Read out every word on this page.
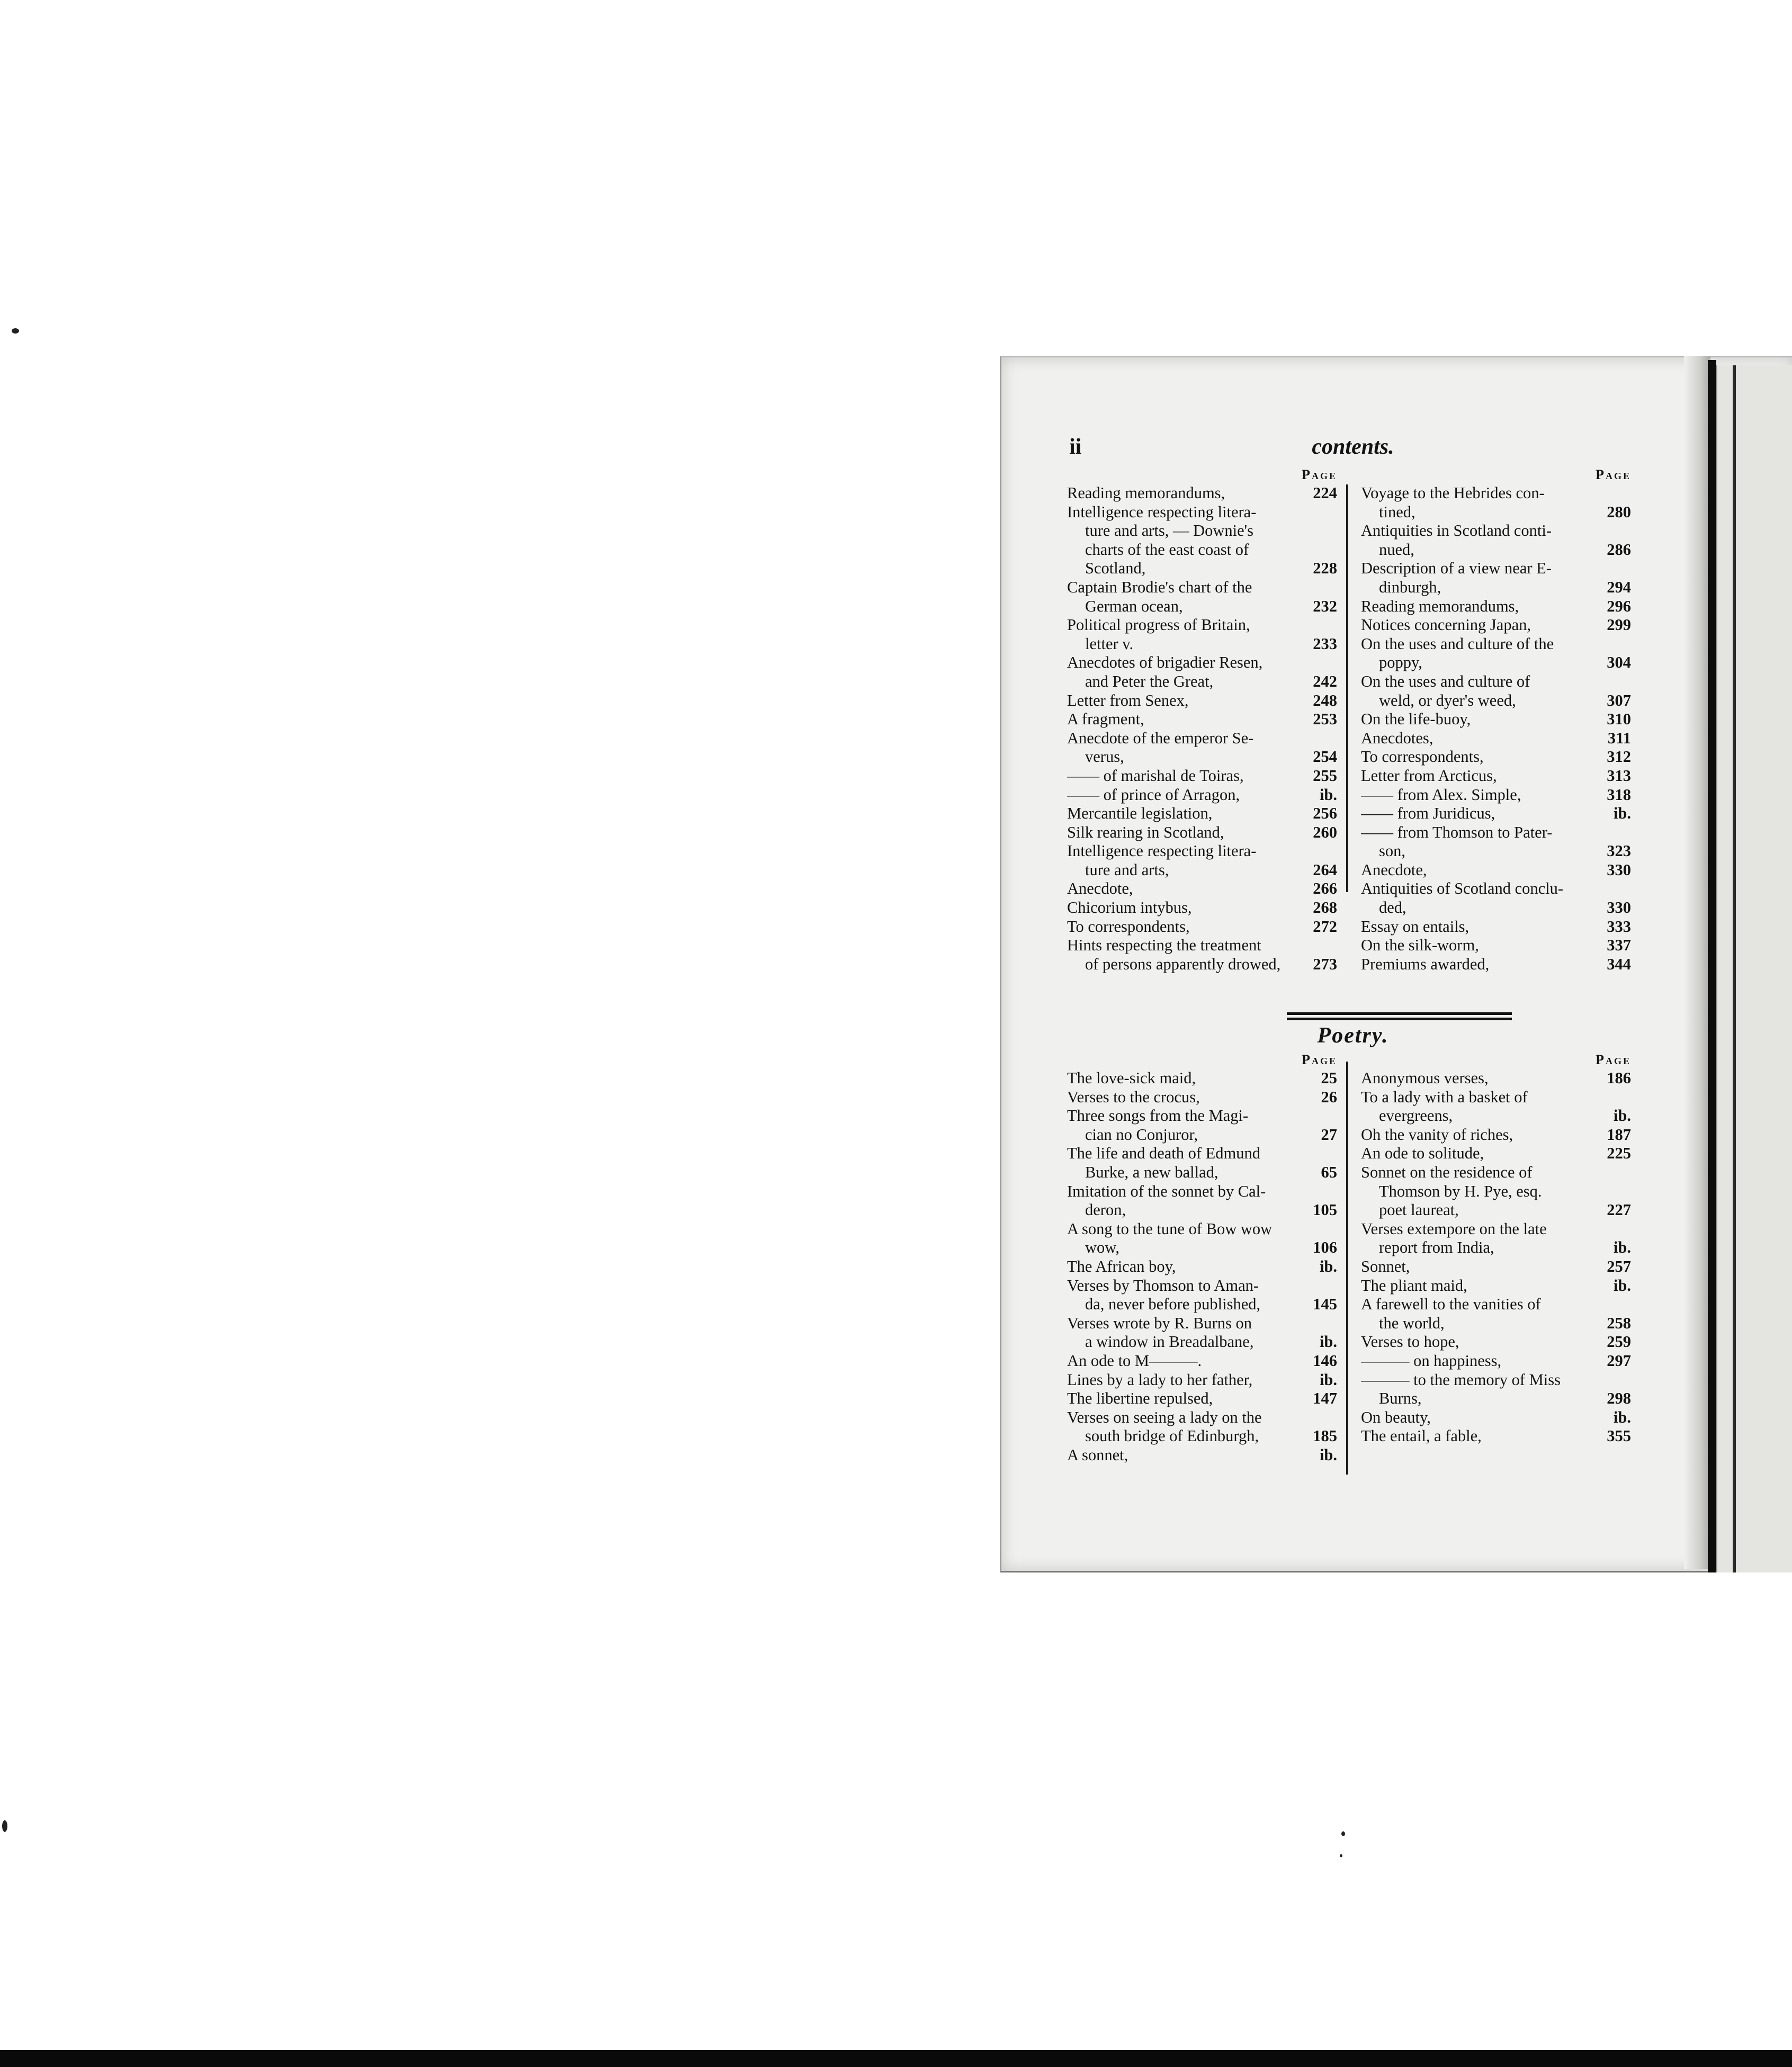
contents.
ii
Page
Reading memorandums,	224
Intelligence respecting litera-
ture and arts, — Downie's
charts of the east coast of
Scotland,	228
Captain Brodie's chart of the
German ocean,	232
Political progress of Britain,
letter v.	233
Anecdotes of brigadier Resen,
and Peter the Great,	242
Letter from Senex,	248
A fragment,	253
Anecdote of the emperor Se-
verus,	254
—— of marishal de Toiras,	255
—— of prince of Arragon,	ib.
Mercantile legislation,	256
Silk rearing in Scotland,	260
Intelligence respecting litera-
ture and arts,	264
Anecdote,	266
Chicorium intybus,	268
To correspondents,	272
Hints respecting the treatment
of persons apparently drowed,	273
Page
Voyage to the Hebrides con-
tined,	280
Antiquities in Scotland conti-
nued,	286
Description of a view near E-
dinburgh,	294
Reading memorandums,	296
Notices concerning Japan,	299
On the uses and culture of the
poppy,	304
On the uses and culture of
weld, or dyer's weed,	307
On the life-buoy,	310
Anecdotes,	311
To correspondents,	312
Letter from Arcticus,	313
—— from Alex. Simple,	318
—— from Juridicus,	ib.
—— from Thomson to Pater-
son,	323
Anecdote,	330
Antiquities of Scotland conclu-
ded,	330
Essay on entails,	333
On the silk-worm,	337
Premiums awarded,	344
Poetry.
Page
The love-sick maid,	25
Verses to the crocus,	26
Three songs from the Magi-
cian no Conjuror,	27
The life and death of Edmund
Burke, a new ballad,	65
Imitation of the sonnet by Cal-
deron,	105
A song to the tune of Bow wow
wow,	106
The African boy,	ib.
Verses by Thomson to Aman-
da, never before published,	145
Verses wrote by R. Burns on
a window in Breadalbane,	ib.
An ode to M———.	146
Lines by a lady to her father,	ib.
The libertine repulsed,	147
Verses on seeing a lady on the
south bridge of Edinburgh,	185
A sonnet,	ib.
Page
Anonymous verses,	186
To a lady with a basket of
evergreens,	ib.
Oh the vanity of riches,	187
An ode to solitude,	225
Sonnet on the residence of
Thomson by H. Pye, esq.
poet laureat,	227
Verses extempore on the late
report from India,	ib.
Sonnet,	257
The pliant maid,	ib.
A farewell to the vanities of
the world,	258
Verses to hope,	259
——— on happiness,	297
——— to the memory of Miss
Burns,	298
On beauty,	ib.
The entail, a fable,	355
